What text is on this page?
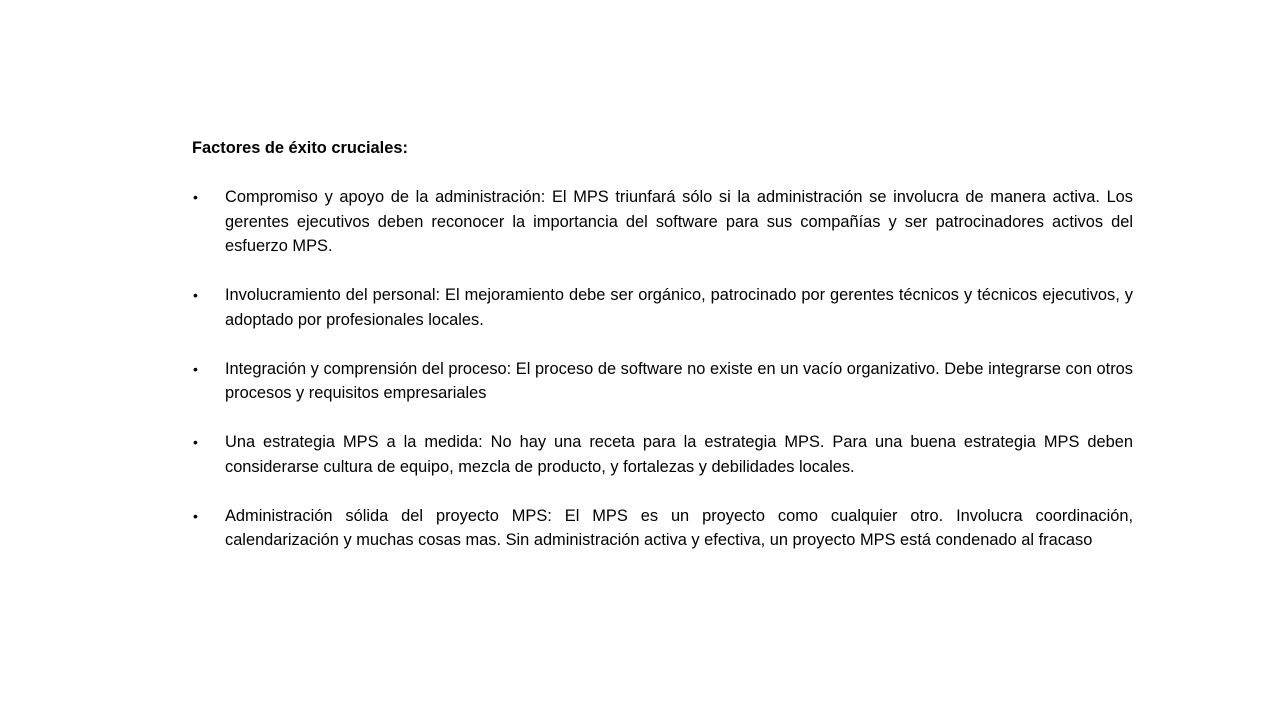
Factores de éxito cruciales:
• Compromiso y apoyo de la administración: El MPS triunfará sólo si la administración se involucra de manera activa. Los gerentes ejecutivos deben reconocer la importancia del software para sus compañías y ser patrocinadores activos del esfuerzo MPS.
• Involucramiento del personal: El mejoramiento debe ser orgánico, patrocinado por gerentes técnicos y técnicos ejecutivos, y adoptado por profesionales locales.
• Integración y comprensión del proceso: El proceso de software no existe en un vacío organizativo. Debe integrarse con otros procesos y requisitos empresariales
• Una estrategia MPS a la medida: No hay una receta para la estrategia MPS. Para una buena estrategia MPS deben considerarse cultura de equipo, mezcla de producto, y fortalezas y debilidades locales.
• Administración sólida del proyecto MPS: El MPS es un proyecto como cualquier otro. Involucra coordinación, calendarización y muchas cosas mas. Sin administración activa y efectiva, un proyecto MPS está condenado al fracaso
